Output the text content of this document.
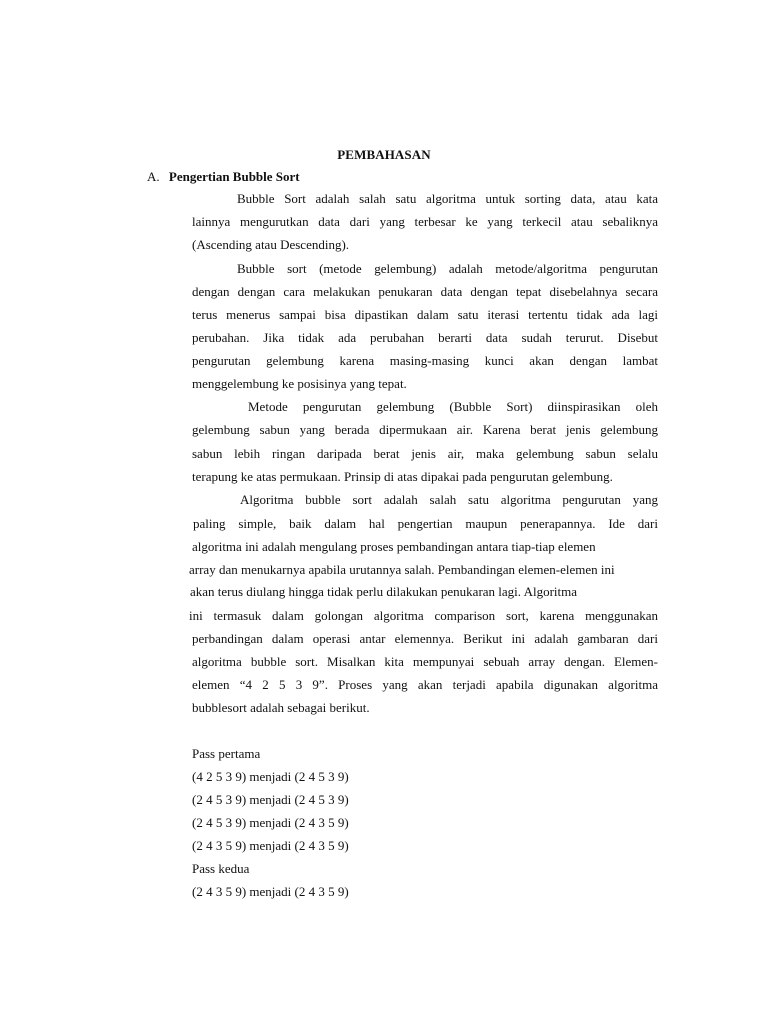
PEMBAHASAN
A. Pengertian Bubble Sort
Bubble Sort adalah salah satu algoritma untuk sorting data, atau kata
lainnya mengurutkan data dari yang terbesar ke yang terkecil atau sebaliknya
(Ascending atau Descending).
Bubble sort (metode gelembung) adalah metode/algoritma pengurutan
dengan dengan cara melakukan penukaran data dengan tepat disebelahnya secara
terus menerus sampai bisa dipastikan dalam satu iterasi tertentu tidak ada lagi
perubahan. Jika tidak ada perubahan berarti data sudah terurut. Disebut
pengurutan gelembung karena masing-masing kunci akan dengan lambat
menggelembung ke posisinya yang tepat.
Metode pengurutan gelembung (Bubble Sort) diinspirasikan oleh
gelembung sabun yang berada dipermukaan air. Karena berat jenis gelembung
sabun lebih ringan daripada berat jenis air, maka gelembung sabun selalu
terapung ke atas permukaan. Prinsip di atas dipakai pada pengurutan gelembung.
Algoritma bubble sort adalah salah satu algoritma pengurutan yang
paling simple, baik dalam hal pengertian maupun penerapannya. Ide dari
algoritma ini adalah mengulang proses pembandingan antara tiap-tiap elemen
array dan menukarnya apabila urutannya salah. Pembandingan elemen-elemen ini
akan terus diulang hingga tidak perlu dilakukan penukaran lagi. Algoritma
ini termasuk dalam golongan algoritma comparison sort, karena menggunakan
perbandingan dalam operasi antar elemennya. Berikut ini adalah gambaran dari
algoritma bubble sort. Misalkan kita mempunyai sebuah array dengan. Elemen-
elemen “4 2 5 3 9”. Proses yang akan terjadi apabila digunakan algoritma
bubblesort adalah sebagai berikut.
Pass pertama
(4 2 5 3 9) menjadi (2 4 5 3 9)
(2 4 5 3 9) menjadi (2 4 5 3 9)
(2 4 5 3 9) menjadi (2 4 3 5 9)
(2 4 3 5 9) menjadi (2 4 3 5 9)
Pass kedua
(2 4 3 5 9) menjadi (2 4 3 5 9)
